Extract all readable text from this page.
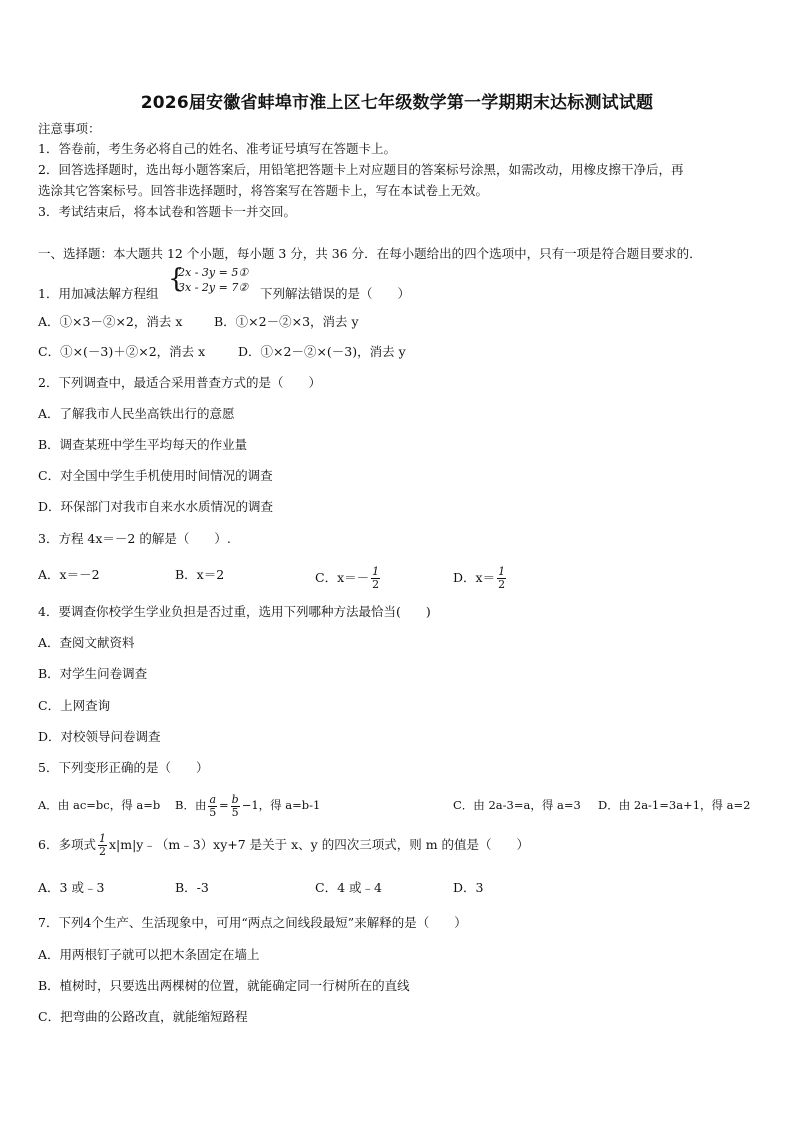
2026届安徽省蚌埠市淮上区七年级数学第一学期期末达标测试试题
注意事项：
1．答卷前，考生务必将自己的姓名、准考证号填写在答题卡上。
2．回答选择题时，选出每小题答案后，用铅笔把答题卡上对应题目的答案标号涂黑，如需改动，用橡皮擦干净后，再
选涂其它答案标号。回答非选择题时，将答案写在答题卡上，写在本试卷上无效。
3．考试结束后，将本试卷和答题卡一并交回。
一、选择题：本大题共 12 个小题，每小题 3 分，共 36 分．在每小题给出的四个选项中，只有一项是符合题目要求的．
1．用加减法解方程组 {
2x - 3y = 5①
3x - 2y = 7② 下列解法错误的是（　　）
A．①×3－②×2，消去 x	B．①×2－②×3，消去 y
C．①×(－3)＋②×2，消去 x	D．①×2－②×(－3)，消去 y
2．下列调查中，最适合采用普查方式的是（　　）
A．了解我市人民坐高铁出行的意愿
B．调查某班中学生平均每天的作业量
C．对全国中学生手机使用时间情况的调查
D．环保部门对我市自来水水质情况的调查
3．方程 4x＝－2 的解是（　　）.
A．x＝－2	B．x＝2	C．$x=- \frac{1}{2}$	D．$x= \frac{1}{2}$
4．要调查你校学生学业负担是否过重，选用下列哪种方法最恰当(　　)
A．查阅文献资料
B．对学生问卷调查
C．上网查询
D．对校领导问卷调查
5．下列变形正确的是（　　）
A．由 ac=bc，得 a=b B．由 $\frac{a}{5} = \frac{b}{5} -1$，得 a=b-1	C．由 2a-3=a，得 a=3 D．由 2a-1=3a+1，得 a=2
6．多项式 $\frac{1}{2}$ x|m|y﹣（m﹣3）xy+7 是关于 x、y 的四次三项式，则 m 的值是（　　）
A．3 或﹣3	B．-3	C．4 或﹣4	D．3
7．下列4个生产、生活现象中，可用“两点之间线段最短”来解释的是（　　）
A．用两根钉子就可以把木条固定在墙上
B．植树时，只要选出两棵树的位置，就能确定同一行树所在的直线
C．把弯曲的公路改直，就能缩短路程
